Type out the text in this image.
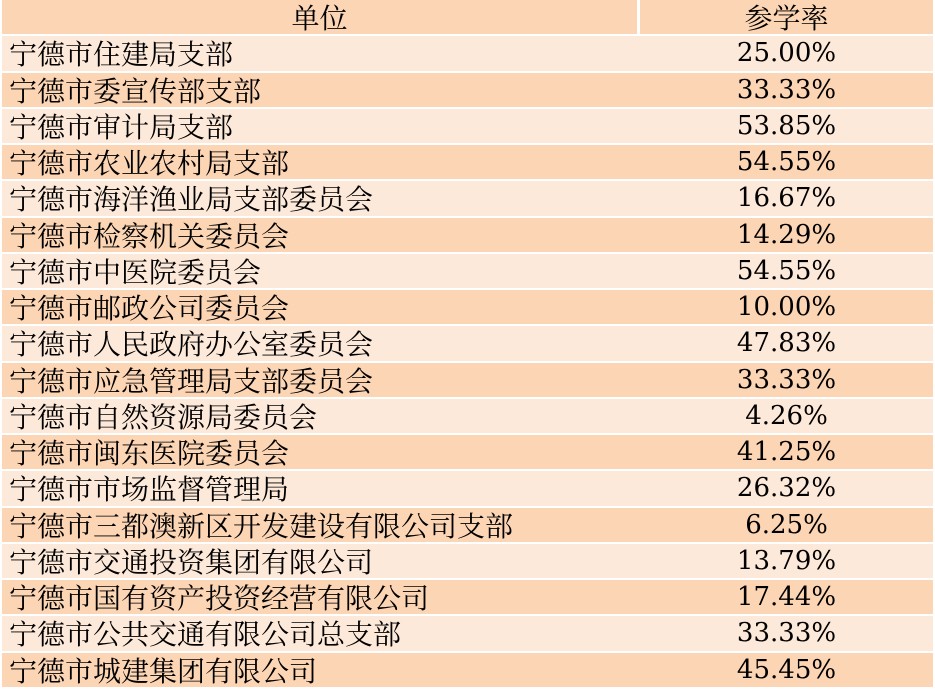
单位	参学率
宁德市住建局支部	25.00%
宁德市委宣传部支部	33.33%
宁德市审计局支部	53.85%
宁德市农业农村局支部	54.55%
宁德市海洋渔业局支部委员会	16.67%
宁德市检察机关委员会	14.29%
宁德市中医院委员会	54.55%
宁德市邮政公司委员会	10.00%
宁德市人民政府办公室委员会	47.83%
宁德市应急管理局支部委员会	33.33%
宁德市自然资源局委员会	4.26%
宁德市闽东医院委员会	41.25%
宁德市市场监督管理局	26.32%
宁德市三都澳新区开发建设有限公司支部	6.25%
宁德市交通投资集团有限公司	13.79%
宁德市国有资产投资经营有限公司	17.44%
宁德市公共交通有限公司总支部	33.33%
宁德市城建集团有限公司	45.45%
